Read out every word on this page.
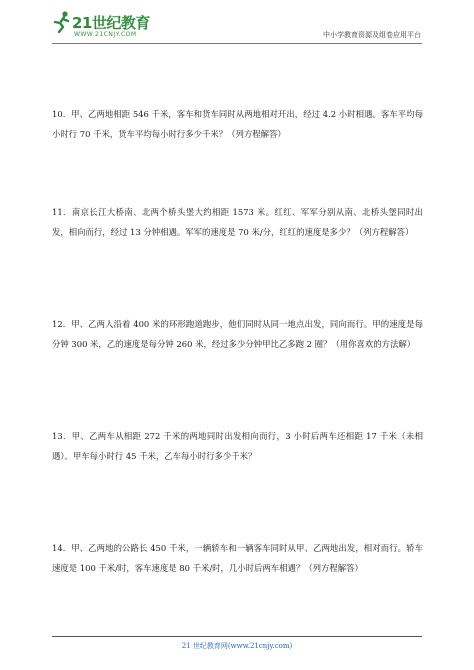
21世纪教育
WWW.21CNJY.COM	中小学教育资源及组卷应用平台

10．甲、乙两地相距 546 千米，客车和货车同时从两地相对开出，经过 4.2 小时相遇。客车平均每小时行 70 千米，货车平均每小时行多少千米？（列方程解答）

11．南京长江大桥南、北两个桥头堡大约相距 1573 米。红红、军军分别从南、北桥头堡同时出发，相向而行，经过 13 分钟相遇。军军的速度是 70 米/分，红红的速度是多少？（列方程解答）

12．甲、乙两人沿着 400 米的环形跑道跑步，他们同时从同一地点出发，同向而行。甲的速度是每分钟 300 米，乙的速度是每分钟 260 米，经过多少分钟甲比乙多跑 2 圈？（用你喜欢的方法解）

13．甲、乙两车从相距 272 千米的两地同时出发相向而行，3 小时后两车还相距 17 千米（未相遇）。甲车每小时行 45 千米，乙车每小时行多少千米？

14．甲、乙两地的公路长 450 千米，一辆轿车和一辆客车同时从甲、乙两地出发，相对而行。轿车速度是 100 千米/时，客车速度是 80 千米/时，几小时后两车相遇？（列方程解答）

21 世纪教育网(www.21cnjy.com)
